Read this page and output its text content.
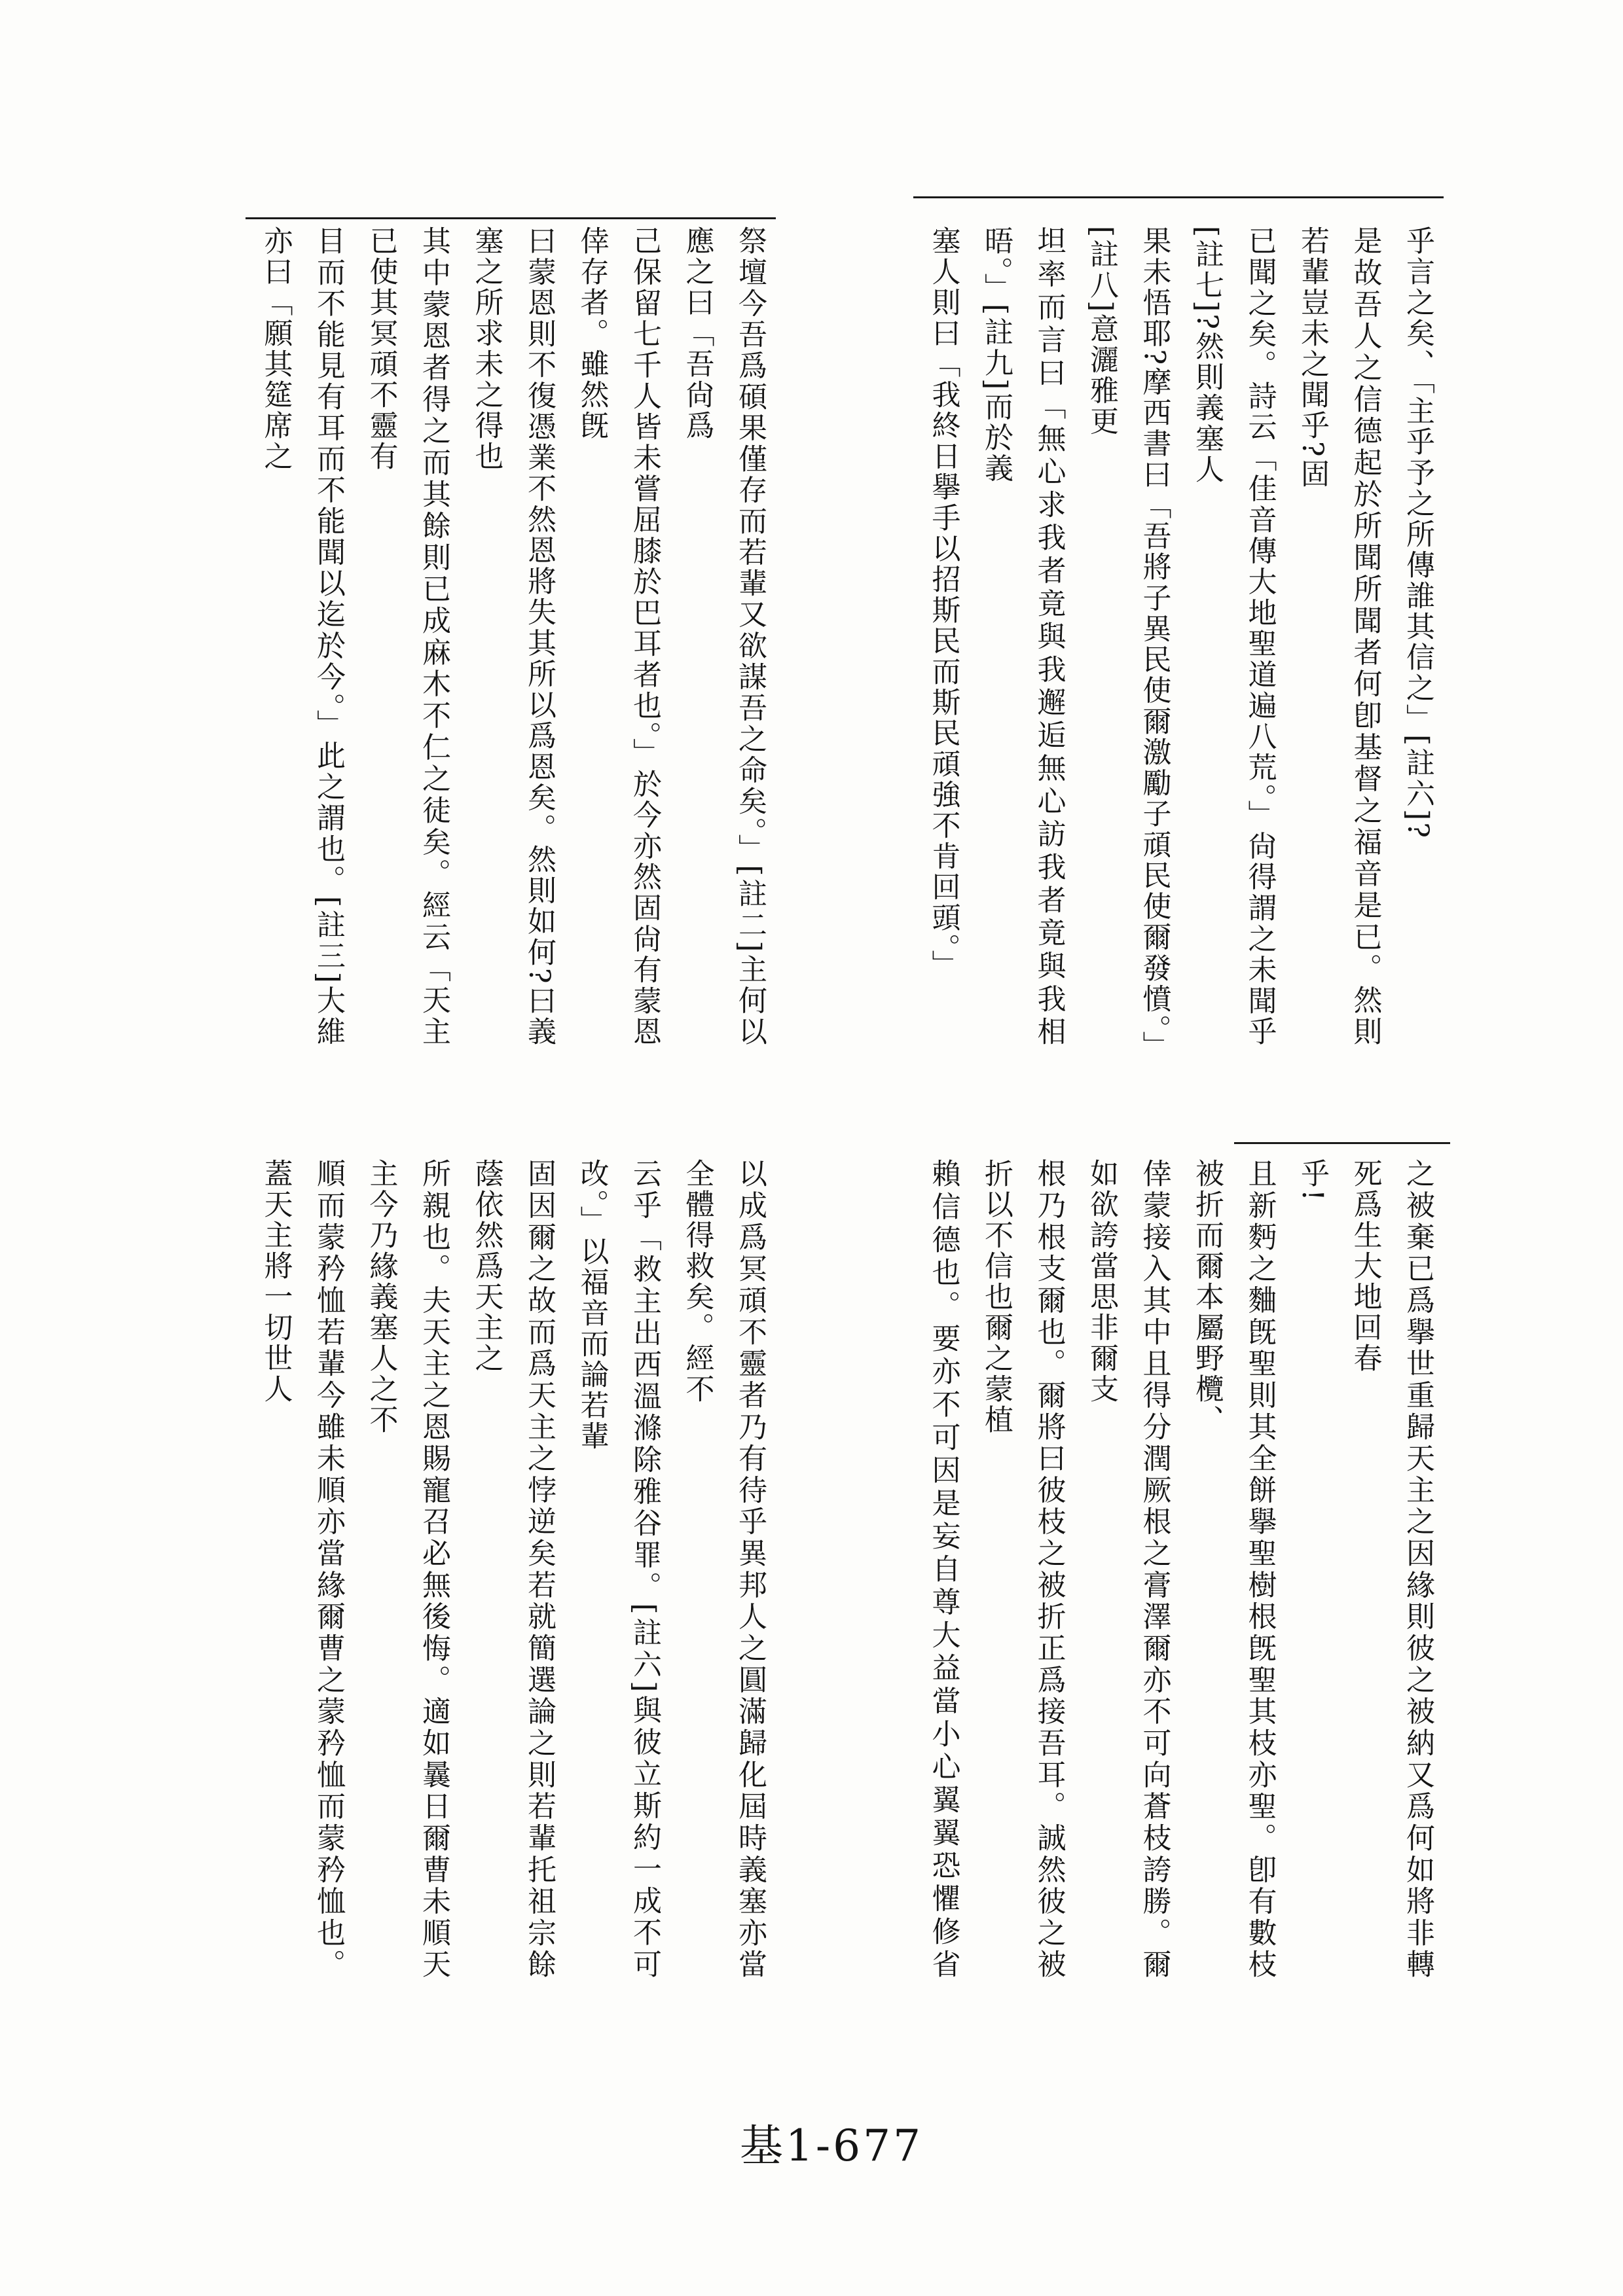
乎言之矣、「主乎予之所傳誰其信之」[註六]?
是故吾人之信德起於所聞所聞者何卽基督之福音是已。然則若輩豈未之聞乎?固
已聞之矣。詩云「佳音傳大地聖道遍八荒。」尙得謂之未聞乎[註七]?然則義塞人
果未悟耶?摩西書曰「吾將子異民使爾激勵子頑民使爾發憤。」[註八]意灑雅更
坦率而言曰「無心求我者竟與我邂逅無心訪我者竟與我相晤。」[註九]而於義
塞人則曰「我終日擧手以招斯民而斯民頑強不肯回頭。」
祭壇今吾爲碩果僅存而若輩又欲謀吾之命矣。」[註二]主何以應之曰「吾尙爲
己保留七千人皆未嘗屈膝於巴耳者也。」於今亦然固尙有蒙恩倖存者。雖然旣
曰蒙恩則不復憑業不然恩將失其所以爲恩矣。然則如何?曰義塞之所求未之得也
其中蒙恩者得之而其餘則已成麻木不仁之徒矣。經云「天主已使其冥頑不靈有
目而不能見有耳而不能聞以迄於今。」此之謂也。[註三]大維亦曰「願其筵席之
之被棄已爲擧世重歸天主之因緣則彼之被納又爲何如將非轉死爲生大地回春
乎!
且新麪之麯旣聖則其全餅擧聖樹根旣聖其枝亦聖。卽有數枝被折而爾本屬野欖、
倖蒙接入其中且得分潤厥根之膏澤爾亦不可向蒼枝誇勝。爾如欲誇當思非爾支
根乃根支爾也。爾將曰彼枝之被折正爲接吾耳。誠然彼之被折以不信也爾之蒙植
賴信德也。要亦不可因是妄自尊大益當小心翼翼恐懼修省
以成爲冥頑不靈者乃有待乎異邦人之圓滿歸化屆時義塞亦當全體得救矣。經不
云乎「救主出西溫滌除雅谷罪。[註六]與彼立斯約一成不可改。」以福音而論若輩
固因爾之故而爲天主之悖逆矣若就簡選論之則若輩托祖宗餘蔭依然爲天主之
所親也。夫天主之恩賜寵召必無後悔。適如曩日爾曹未順天主今乃緣義塞人之不
順而蒙矜恤若輩今雖未順亦當緣爾曹之蒙矜恤而蒙矜恤也。蓋天主將一切世人
基1-677
